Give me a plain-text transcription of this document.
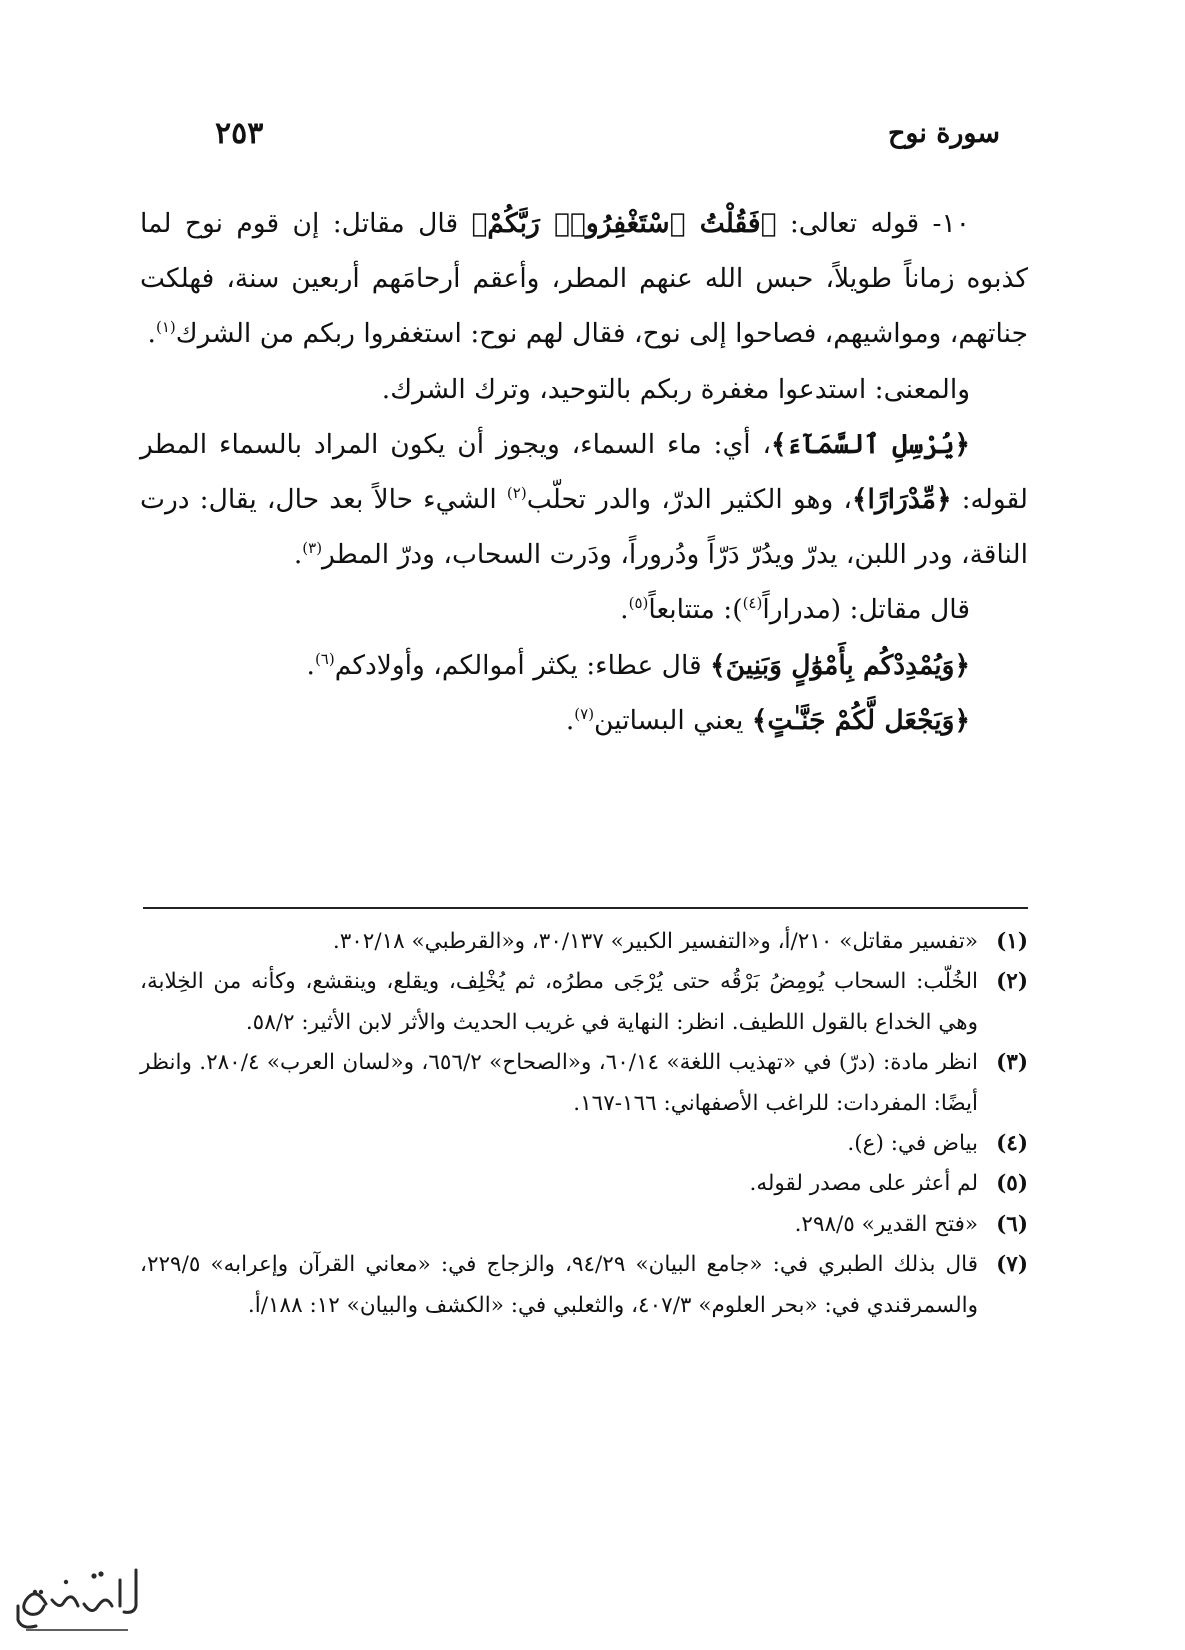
سورة نوح
٢٥٣

١٠- قوله تعالى: ﴿فَقُلْتُ ٱسْتَغْفِرُوا۟ رَبَّكُمْ﴾ قال مقاتل: إن قوم نوح لما كذبوه زماناً طويلاً، حبس الله عنهم المطر، وأعقم أرحامَهم أربعين سنة، فهلكت جناتهم، ومواشيهم، فصاحوا إلى نوح، فقال لهم نوح: استغفروا ربكم من الشرك$^{(١)}$.

والمعنى: استدعوا مغفرة ربكم بالتوحيد، وترك الشرك.

﴿يُرْسِلِ ٱلسَّمَآءَ﴾، أي: ماء السماء، ويجوز أن يكون المراد بالسماء المطر لقوله: ﴿مِّدْرَارًا﴾، وهو الكثير الدرّ، والدر تحلّب$^{(٢)}$ الشيء حالاً بعد حال، يقال: درت الناقة، ودر اللبن، يدرّ ويدُرّ دَرّاً ودُروراً، ودَرت السحاب، ودرّ المطر$^{(٣)}$.

قال مقاتل: (مدراراً$^{(٤)}$): متتابعاً$^{(٥)}$.

﴿وَيُمْدِدْكُم بِأَمْوَٰلٍ وَبَنِينَ﴾ قال عطاء: يكثر أموالكم، وأولادكم$^{(٦)}$.

﴿وَيَجْعَل لَّكُمْ جَنَّـٰتٍ﴾ يعني البساتين$^{(٧)}$.

(١)
«تفسير مقاتل» ٢١٠/أ، و«التفسير الكبير» ٣٠/١٣٧، و«القرطبي» ٣٠٢/١٨.
(٢)
الخُلّب: السحاب يُومِضُ بَرْقُه حتى يُرْجَى مطرُه، ثم يُخْلِف، ويقلع، وينقشع، وكأنه من الخِلابة، وهي الخداع بالقول اللطيف. انظر: النهاية في غريب الحديث والأثر لابن الأثير: ٥٨/٢.
(٣)
انظر مادة: (درّ) في «تهذيب اللغة» ٦٠/١٤، و«الصحاح» ٦٥٦/٢، و«لسان العرب» ٢٨٠/٤. وانظر أيضًا: المفردات: للراغب الأصفهاني: ١٦٦-١٦٧.
(٤)
بياض في: (ع).
(٥)
لم أعثر على مصدر لقوله.
(٦)
«فتح القدير» ٢٩٨/٥.
(٧)
قال بذلك الطبري في: «جامع البيان» ٩٤/٢٩، والزجاج في: «معاني القرآن وإعرابه» ٢٢٩/٥، والسمرقندي في: «بحر العلوم» ٤٠٧/٣، والثعلبي في: «الكشف والبيان» ١٢: ١٨٨/أ.
